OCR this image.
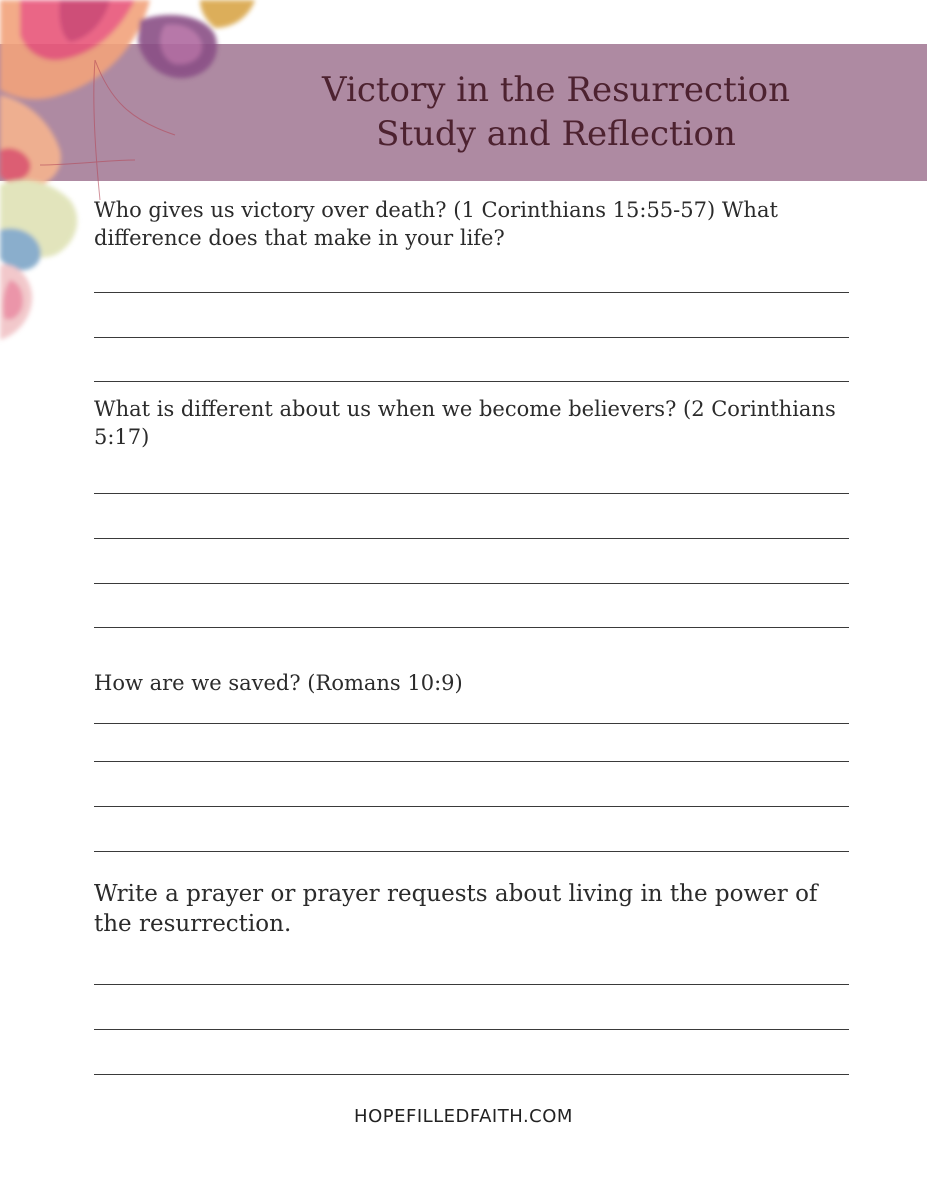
Victory in the Resurrection
Study and Reflection

Who gives us victory over death? (1 Corinthians 15:55-57) What difference does that make in your life?

What is different about us when we become believers? (2 Corinthians 5:17)

How are we saved? (Romans 10:9)

Write a prayer or prayer requests about living in the power of the resurrection.

HOPEFILLEDFAITH.COM
